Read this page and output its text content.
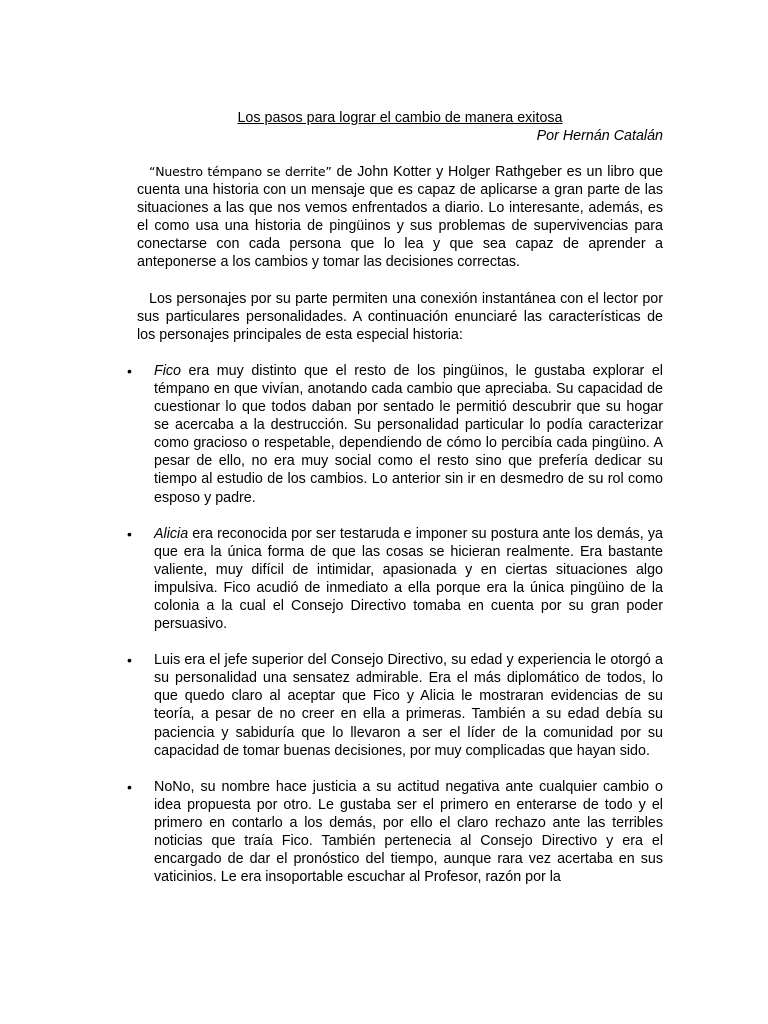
Los pasos para lograr el cambio de manera exitosa

Por Hernán Catalán

“Nuestro témpano se derrite” de John Kotter y Holger Rathgeber es un libro que cuenta una historia con un mensaje que es capaz de aplicarse a gran parte de las situaciones a las que nos vemos enfrentados a diario. Lo interesante, además, es el como usa una historia de pingüinos y sus problemas de supervivencias para conectarse con cada persona que lo lea y que sea capaz de aprender a anteponerse a los cambios y tomar las decisiones correctas.

Los personajes por su parte permiten una conexión instantánea con el lector por sus particulares personalidades. A continuación enunciaré las características de los personajes principales de esta especial historia:

• Fico era muy distinto que el resto de los pingüinos, le gustaba explorar el témpano en que vivían, anotando cada cambio que apreciaba. Su capacidad de cuestionar lo que todos daban por sentado le permitió descubrir que su hogar se acercaba a la destrucción. Su personalidad particular lo podía caracterizar como gracioso o respetable, dependiendo de cómo lo percibía cada pingüino. A pesar de ello, no era muy social como el resto sino que prefería dedicar su tiempo al estudio de los cambios. Lo anterior sin ir en desmedro de su rol como esposo y padre.
• Alicia era reconocida por ser testaruda e imponer su postura ante los demás, ya que era la única forma de que las cosas se hicieran realmente. Era bastante valiente, muy difícil de intimidar, apasionada y en ciertas situaciones algo impulsiva. Fico acudió de inmediato a ella porque era la única pingüino de la colonia a la cual el Consejo Directivo tomaba en cuenta por su gran poder persuasivo.
• Luis era el jefe superior del Consejo Directivo, su edad y experiencia le otorgó a su personalidad una sensatez admirable. Era el más diplomático de todos, lo que quedo claro al aceptar que Fico y Alicia le mostraran evidencias de su teoría, a pesar de no creer en ella a primeras. También a su edad debía su paciencia y sabiduría que lo llevaron a ser el líder de la comunidad por su capacidad de tomar buenas decisiones, por muy complicadas que hayan sido.
• NoNo, su nombre hace justicia a su actitud negativa ante cualquier cambio o idea propuesta por otro. Le gustaba ser el primero en enterarse de todo y el primero en contarlo a los demás, por ello el claro rechazo ante las terribles noticias que traía Fico. También pertenecia al Consejo Directivo y era el encargado de dar el pronóstico del tiempo, aunque rara vez acertaba en sus vaticinios. Le era insoportable escuchar al Profesor, razón por la
